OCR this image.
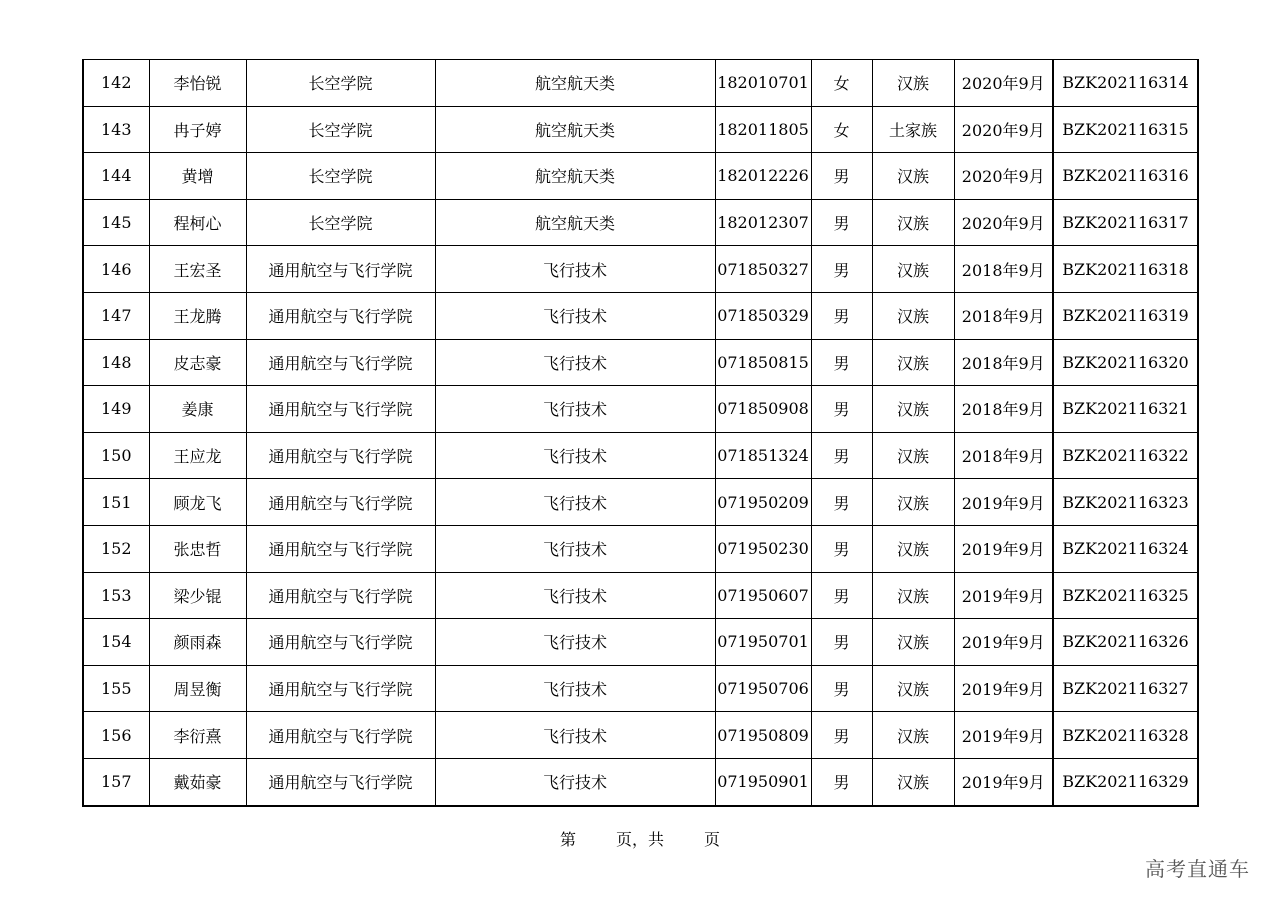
142	李怡锐	长空学院	航空航天类	182010701	女	汉族	2020年9月	BZK202116314
143	冉子婷	长空学院	航空航天类	182011805	女	土家族	2020年9月	BZK202116315
144	黄增	长空学院	航空航天类	182012226	男	汉族	2020年9月	BZK202116316
145	程柯心	长空学院	航空航天类	182012307	男	汉族	2020年9月	BZK202116317
146	王宏圣	通用航空与飞行学院	飞行技术	071850327	男	汉族	2018年9月	BZK202116318
147	王龙腾	通用航空与飞行学院	飞行技术	071850329	男	汉族	2018年9月	BZK202116319
148	皮志豪	通用航空与飞行学院	飞行技术	071850815	男	汉族	2018年9月	BZK202116320
149	姜康	通用航空与飞行学院	飞行技术	071850908	男	汉族	2018年9月	BZK202116321
150	王应龙	通用航空与飞行学院	飞行技术	071851324	男	汉族	2018年9月	BZK202116322
151	顾龙飞	通用航空与飞行学院	飞行技术	071950209	男	汉族	2019年9月	BZK202116323
152	张忠哲	通用航空与飞行学院	飞行技术	071950230	男	汉族	2019年9月	BZK202116324
153	梁少锟	通用航空与飞行学院	飞行技术	071950607	男	汉族	2019年9月	BZK202116325
154	颜雨森	通用航空与飞行学院	飞行技术	071950701	男	汉族	2019年9月	BZK202116326
155	周昱衡	通用航空与飞行学院	飞行技术	071950706	男	汉族	2019年9月	BZK202116327
156	李衍熹	通用航空与飞行学院	飞行技术	071950809	男	汉族	2019年9月	BZK202116328
157	戴茹豪	通用航空与飞行学院	飞行技术	071950901	男	汉族	2019年9月	BZK202116329
第	页，共	页
高考直通车
